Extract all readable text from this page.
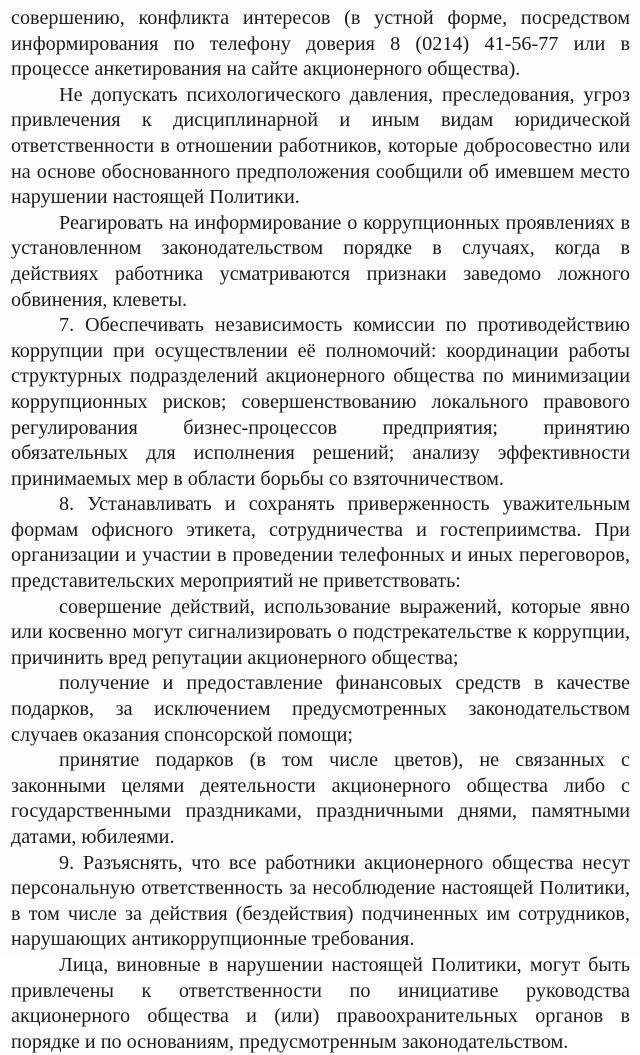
совершению, конфликта интересов (в устной форме, посредством информирования по телефону доверия 8 (0214) 41-56-77 или в процессе анкетирования на сайте акционерного общества).

Не допускать психологического давления, преследования, угроз привлечения к дисциплинарной и иным видам юридической ответственности в отношении работников, которые добросовестно или на основе обоснованного предположения сообщили об имевшем место нарушении настоящей Политики.

Реагировать на информирование о коррупционных проявлениях в установленном законодательством порядке в случаях, когда в действиях работника усматриваются признаки заведомо ложного обвинения, клеветы.

7. Обеспечивать независимость комиссии по противодействию коррупции при осуществлении её полномочий: координации работы структурных подразделений акционерного общества по минимизации коррупционных рисков; совершенствованию локального правового регулирования бизнес-процессов предприятия; принятию обязательных для исполнения решений; анализу эффективности принимаемых мер в области борьбы со взяточничеством.

8. Устанавливать и сохранять приверженность уважительным формам офисного этикета, сотрудничества и гостеприимства. При организации и участии в проведении телефонных и иных переговоров, представительских мероприятий не приветствовать:

совершение действий, использование выражений, которые явно или косвенно могут сигнализировать о подстрекательстве к коррупции, причинить вред репутации акционерного общества;

получение и предоставление финансовых средств в качестве подарков, за исключением предусмотренных законодательством случаев оказания спонсорской помощи;

принятие подарков (в том числе цветов), не связанных с законными целями деятельности акционерного общества либо с государственными праздниками, праздничными днями, памятными датами, юбилеями.

9. Разъяснять, что все работники акционерного общества несут персональную ответственность за несоблюдение настоящей Политики, в том числе за действия (бездействия) подчиненных им сотрудников, нарушающих антикоррупционные требования.

Лица, виновные в нарушении настоящей Политики, могут быть привлечены к ответственности по инициативе руководства акционерного общества и (или) правоохранительных органов в порядке и по основаниям, предусмотренным законодательством.
